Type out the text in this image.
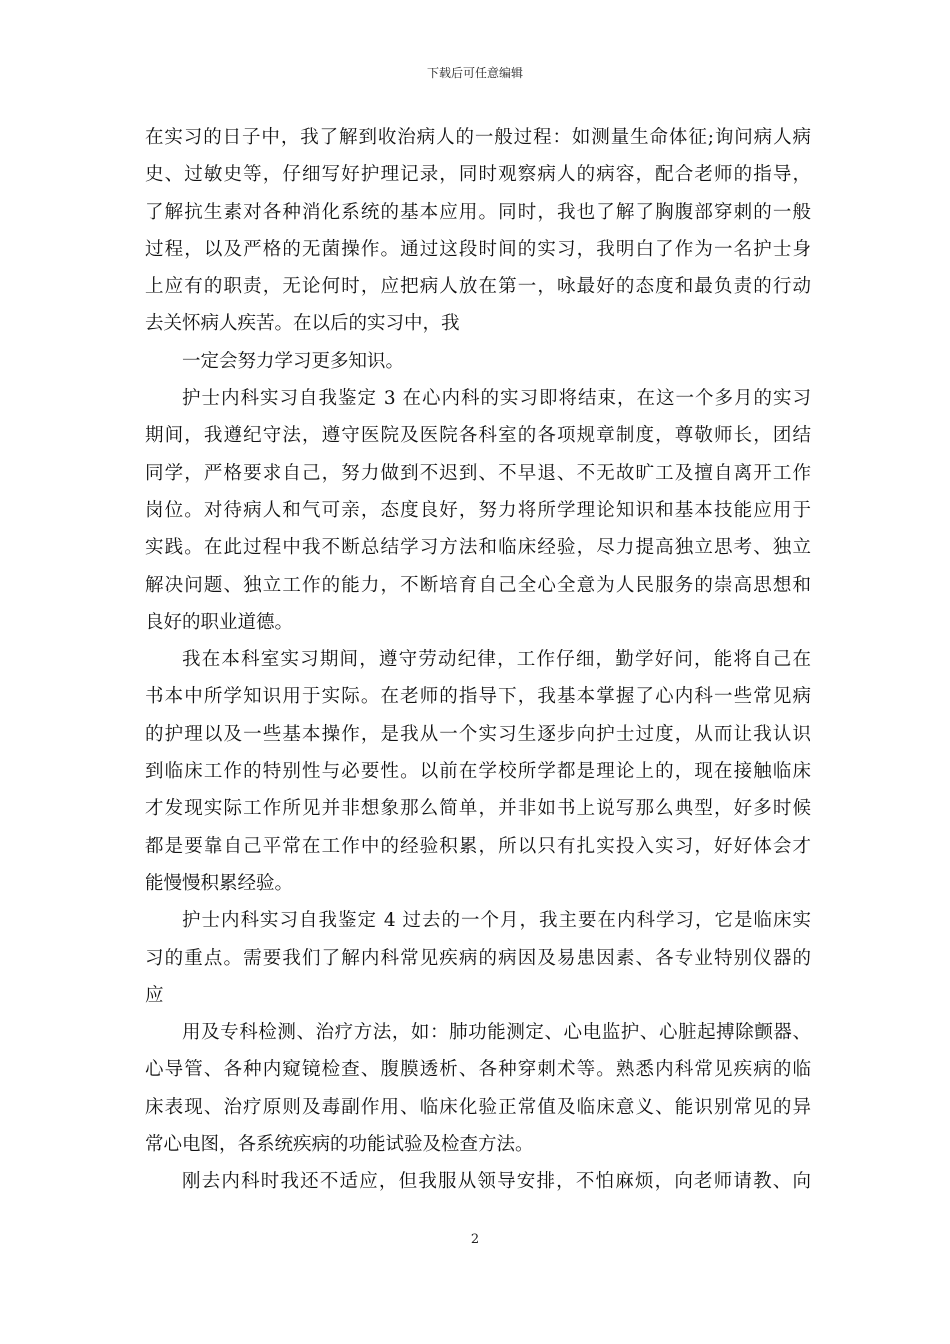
下载后可任意编辑
在实习的日子中，我了解到收治病人的一般过程：如测量生命体征;询问病人病
史、过敏史等，仔细写好护理记录，同时观察病人的病容，配合老师的指导，
了解抗生素对各种消化系统的基本应用。同时，我也了解了胸腹部穿刺的一般
过程，以及严格的无菌操作。通过这段时间的实习，我明白了作为一名护士身
上应有的职责，无论何时，应把病人放在第一，咏最好的态度和最负责的行动
去关怀病人疾苦。在以后的实习中，我
一定会努力学习更多知识。
护士内科实习自我鉴定 3 在心内科的实习即将结束，在这一个多月的实习
期间，我遵纪守法，遵守医院及医院各科室的各项规章制度，尊敬师长，团结
同学，严格要求自己，努力做到不迟到、不早退、不无故旷工及擅自离开工作
岗位。对待病人和气可亲，态度良好，努力将所学理论知识和基本技能应用于
实践。在此过程中我不断总结学习方法和临床经验，尽力提高独立思考、独立
解决问题、独立工作的能力，不断培育自己全心全意为人民服务的崇高思想和
良好的职业道德。
我在本科室实习期间，遵守劳动纪律，工作仔细，勤学好问，能将自己在
书本中所学知识用于实际。在老师的指导下，我基本掌握了心内科一些常见病
的护理以及一些基本操作，是我从一个实习生逐步向护士过度，从而让我认识
到临床工作的特别性与必要性。以前在学校所学都是理论上的，现在接触临床
才发现实际工作所见并非想象那么简单，并非如书上说写那么典型，好多时候
都是要靠自己平常在工作中的经验积累，所以只有扎实投入实习，好好体会才
能慢慢积累经验。
护士内科实习自我鉴定 4 过去的一个月，我主要在内科学习，它是临床实
习的重点。需要我们了解内科常见疾病的病因及易患因素、各专业特别仪器的
应
用及专科检测、治疗方法，如：肺功能测定、心电监护、心脏起搏除颤器、
心导管、各种内窥镜检查、腹膜透析、各种穿刺术等。熟悉内科常见疾病的临
床表现、治疗原则及毒副作用、临床化验正常值及临床意义、能识别常见的异
常心电图，各系统疾病的功能试验及检查方法。
刚去内科时我还不适应，但我服从领导安排，不怕麻烦，向老师请教、向
2
